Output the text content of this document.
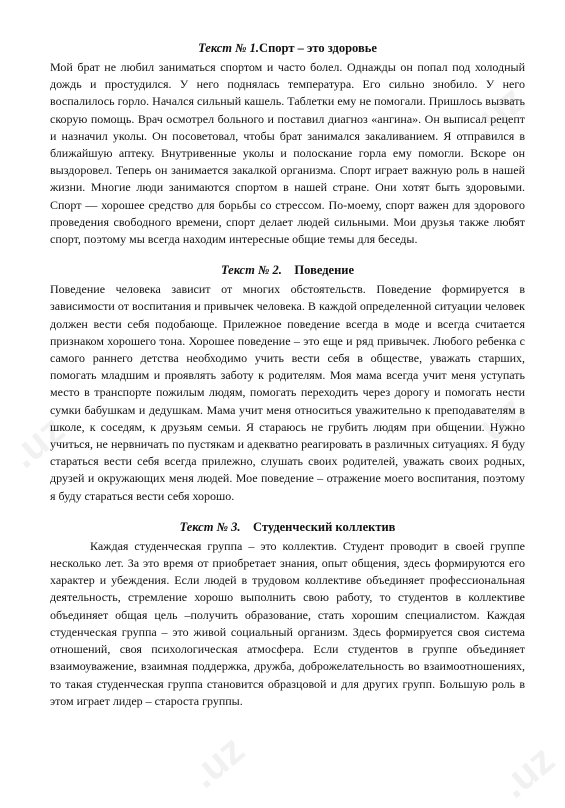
.uz
.uz	.uz
.uz	.uz
Текст № 1.Спорт – это здоровье

Мой брат не любил заниматься спортом и часто болел. Однажды он попал под холодный дождь и простудился. У него поднялась температура. Его сильно знобило. У него воспалилось горло. Начался сильный кашель. Таблетки ему не помогали. Пришлось вызвать скорую помощь. Врач осмотрел больного и поставил диагноз «ангина». Он выписал рецепт и назначил уколы. Он посоветовал, чтобы брат занимался закаливанием. Я отправился в ближайшую аптеку. Внутривенные уколы и полоскание горла ему помогли. Вскоре он выздоровел. Теперь он занимается закалкой организма. Спорт играет важную роль в нашей жизни. Многие люди занимаются спортом в нашей стране. Они хотят быть здоровыми. Спорт — хорошее средство для борьбы со стрессом. По-моему, спорт важен для здорового проведения свободного времени, спорт делает людей сильными. Мои друзья также любят спорт, поэтому мы всегда находим интересные общие темы для беседы.

Текст № 2. Поведение

Поведение человека зависит от многих обстоятельств. Поведение формируется в зависимости от воспитания и привычек человека. В каждой определенной ситуации человек должен вести себя подобающе. Прилежное поведение всегда в моде и всегда считается признаком хорошего тона. Хорошее поведение – это еще и ряд привычек. Любого ребенка с самого раннего детства необходимо учить вести себя в обществе, уважать старших, помогать младшим и проявлять заботу к родителям. Моя мама всегда учит меня уступать место в транспорте пожилым людям, помогать переходить через дорогу и помогать нести сумки бабушкам и дедушкам. Мама учит меня относиться уважительно к преподавателям в школе, к соседям, к друзьям семьи. Я стараюсь не грубить людям при общении. Нужно учиться, не нервничать по пустякам и адекватно реагировать в различных ситуациях. Я буду стараться вести себя всегда прилежно, слушать своих родителей, уважать своих родных, друзей и окружающих меня людей. Мое поведение – отражение моего воспитания, поэтому я буду стараться вести себя хорошо.

Текст № 3. Студенческий коллектив

Каждая студенческая группа – это коллектив. Студент проводит в своей группе несколько лет. За это время от приобретает знания, опыт общения, здесь формируются его характер и убеждения. Если людей в трудовом коллективе объединяет профессиональная деятельность, стремление хорошо выполнить свою работу, то студентов в коллективе объединяет общая цель –получить образование, стать хорошим специалистом. Каждая студенческая группа – это живой социальный организм. Здесь формируется своя система отношений, своя психологическая атмосфера. Если студентов в группе объединяет взаимоуважение, взаимная поддержка, дружба, доброжелательность во взаимоотношениях, то такая студенческая группа становится образцовой и для других групп. Большую роль в этом играет лидер – староста группы.
